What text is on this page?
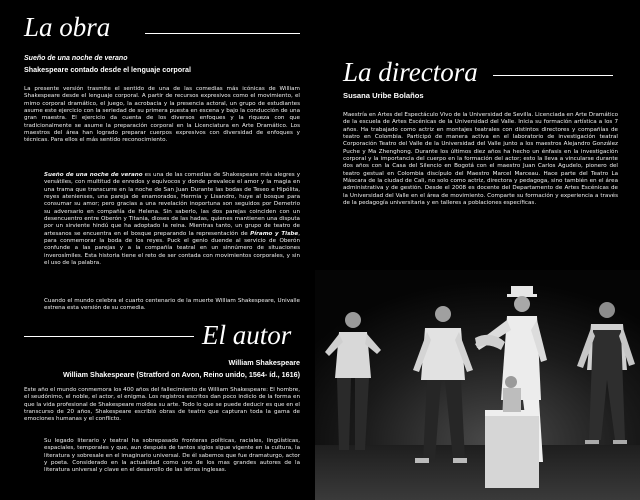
La obra
Sueño de una noche de verano
Shakespeare contado desde el lenguaje corporal

La presente versión trasmite el sentido de una de las comedias más icónicas de William Shakespeare desde el lenguaje corporal. A partir de recursos expresivos como el movimiento, el mimo corporal dramático, el juego, la acrobacia y la presencia actoral, un grupo de estudiantes asume este ejercicio con la seriedad de su primera puesta en escena y bajo la conducción de una gran maestra. El ejercicio da cuenta de los diversos enfoques y la riqueza con que tradicionalmente se asume la preparación corporal en la Licenciatura en Arte Dramático. Los maestros del área han logrado preparar cuerpos expresivos con diversidad de enfoques y técnicas. Para ellos el más sentido reconocimiento.

Sueño de una noche de verano es una de las comedias de Shakespeare más alegres y versátiles, con multitud de enredos y equívocos y donde prevalece el amor y la magia en una trama que transcurre en la noche de San Juan Durante las bodas de Teseo e Hipólita, reyes atenienses, una pareja de enamorados, Hermia y Lisandro, huye al bosque para consumar su amor; pero gracias a una revelación inoportuna son seguidos por Demetrio su adversario en compañía de Helena. Sin saberlo, las dos parejas coinciden con un desencuentro entre Oberón y Titania, dioses de las hadas, quienes mantienen una disputa por un sirviente hindú que ha adoptado la reina. Mientras tanto, un grupo de teatro de artesanos se encuentra en el bosque preparando la representación de Píramo y Tisbe, para conmemorar la boda de los reyes. Puck el genio duende al servicio de Oberón confunde a las parejas y a la compañía teatral en un sinnúmero de situaciones inverosímiles. Esta historia tiene el reto de ser contada con movimientos corporales, y sin el uso de la palabra.

Cuando el mundo celebra el cuarto centenario de la muerte William Shakespeare, Univalle estrena esta versión de su comedia.

El autor
William Shakespeare
William Shakespeare (Stratford on Avon, Reino unido, 1564- íd., 1616)

Este año el mundo conmemora los 400 años del fallecimiento de William Shakespeare: El hombre, el seudónimo, el noble, el actor, el enigma. Los registros escritos dan poco indicio de la forma en que la vida profesional de Shakespeare moldea su arte. Todo lo que se puede deducir es que en el transcurso de 20 años, Shakespeare escribió obras de teatro que capturan toda la gama de emociones humanas y el conflicto.

Su legado literario y teatral ha sobrepasado fronteras políticas, raciales, lingüísticas, espaciales, temporales y que, aun después de tantos siglos sigue vigente en la cultura, la literatura y sobresale en el imaginario universal. De él sabemos que fue dramaturgo, actor y poeta. Considerado en la actualidad como uno de los mas grandes autores de la literatura universal y clave en el desarrollo de las letras inglesas.

La directora
Susana Uribe Bolaños

Maestría en Artes del Espectáculo Vivo de la Universidad de Sevilla. Licenciada en Arte Dramático de la escuela de Artes Escénicas de la Universidad del Valle. Inicia su formación artística a los 7 años. Ha trabajado como actriz en montajes teatrales con distintos directores y compañías de teatro en Colombia. Participó de manera activa en el laboratorio de investigación teatral Corporación Teatro del Valle de la Universidad del Valle junto a los maestros Alejandro González Puche y Ma Zhenghong. Durante los últimos diez años ha hecho un énfasis en la investigación corporal y la importancia del cuerpo en la formación del actor; esto la lleva a vincularse durante dos años con la Casa del Silencio en Bogotá con el maestro Juan Carlos Agudelo, pionero del teatro gestual en Colombia discípulo del Maestro Marcel Marceau. Hace parte del Teatro La Máscara de la ciudad de Cali, no solo como actriz, directora y pedagoga, sino también en el área administrativa y de gestión. Desde el 2008 es docente del Departamento de Artes Escénicas de la Universidad del Valle en el área de movimiento. Comparte su formación y experiencia a través de la pedagogía universitaria y en talleres a poblaciones específicas.
